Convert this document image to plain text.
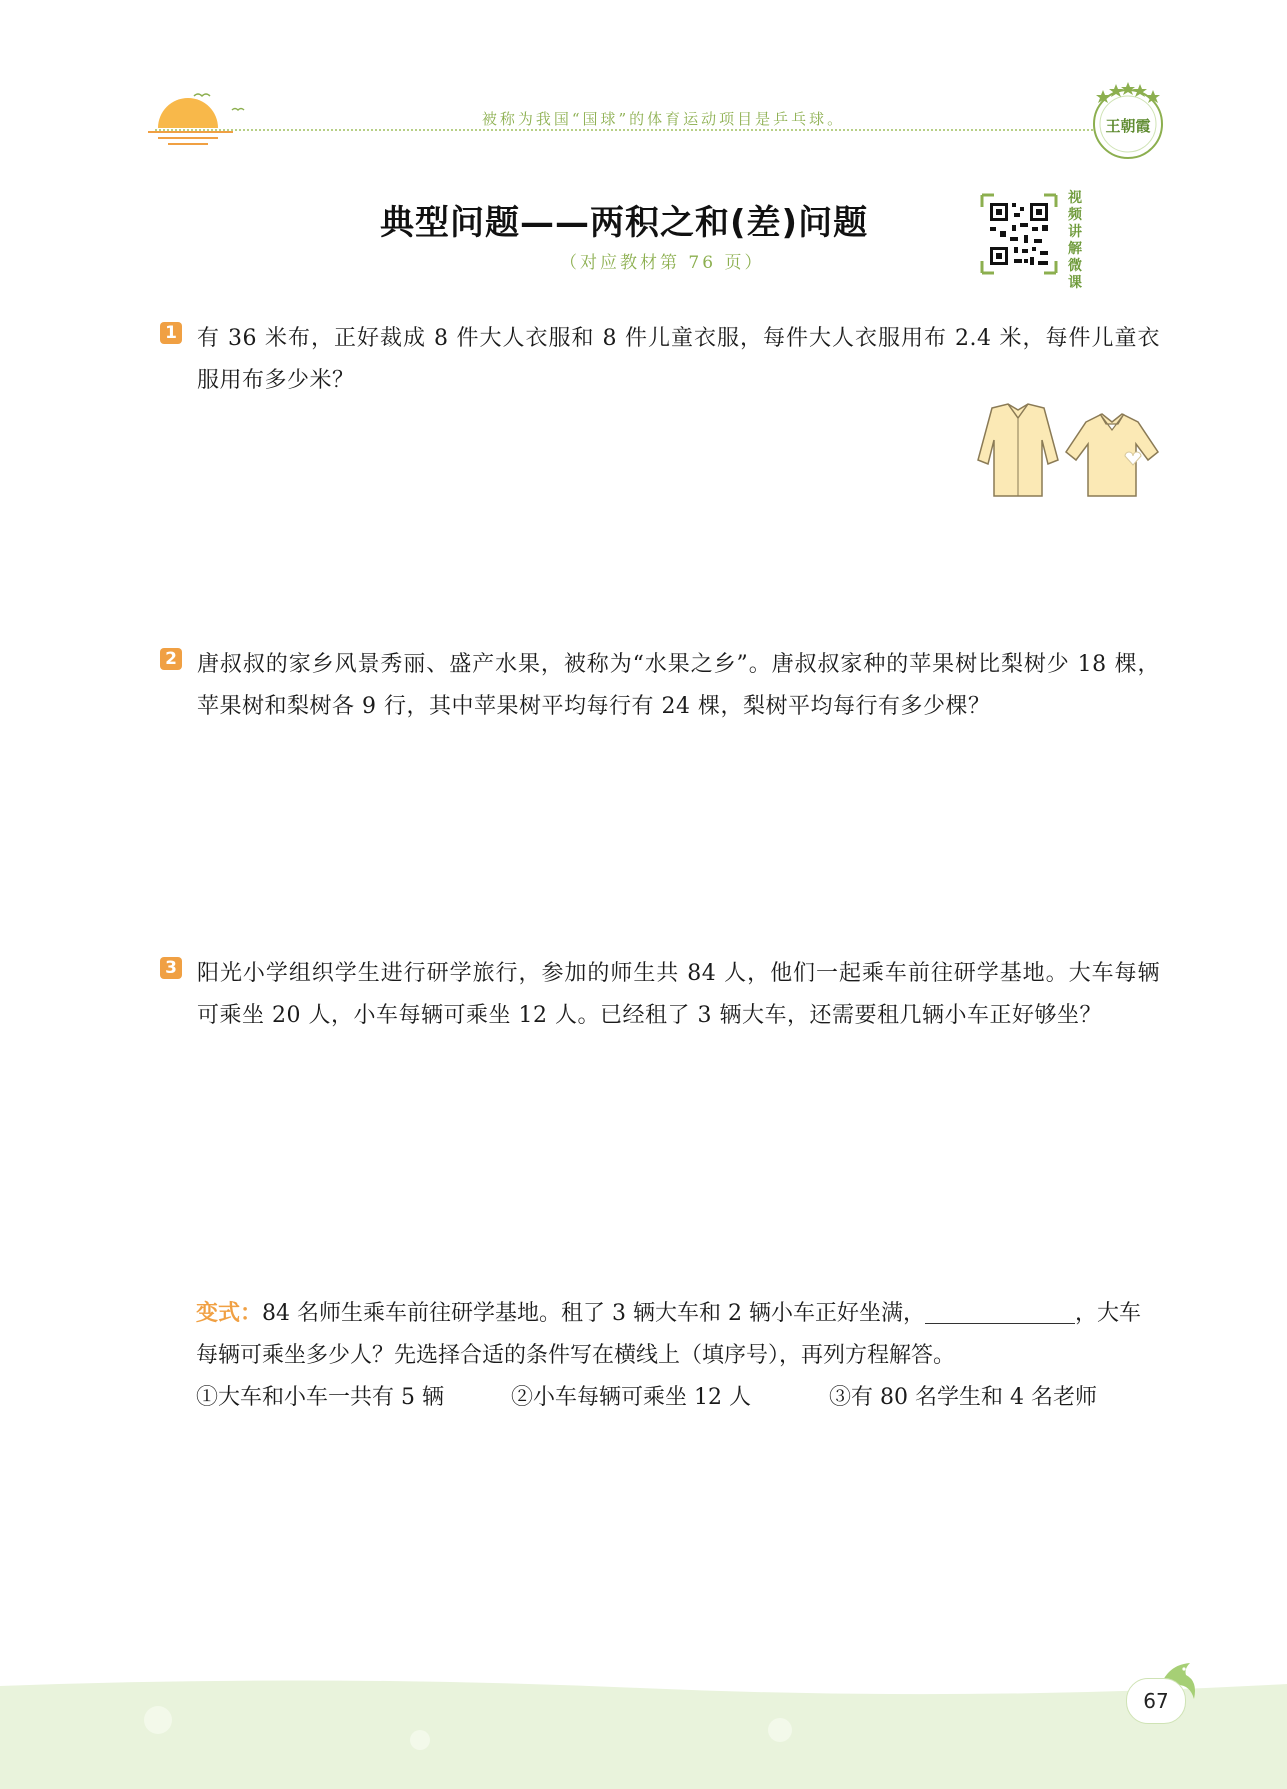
被称为我国“国球”的体育运动项目是乒乓球。	王朝霞
典型问题——两积之和(差)问题
（对应教材第 76 页）
视
频
讲
解
微
课
1 有 36 米布，正好裁成 8 件大人衣服和 8 件儿童衣服，每件大人衣服用布 2.4 米，每件儿童衣服用布多少米？
2 唐叔叔的家乡风景秀丽、盛产水果，被称为“水果之乡”。唐叔叔家种的苹果树比梨树少 18 棵，苹果树和梨树各 9 行，其中苹果树平均每行有 24 棵，梨树平均每行有多少棵？
3 阳光小学组织学生进行研学旅行，参加的师生共 84 人，他们一起乘车前往研学基地。大车每辆可乘坐 20 人，小车每辆可乘坐 12 人。已经租了 3 辆大车，还需要租几辆小车正好够坐？
变式：84 名师生乘车前往研学基地。租了 3 辆大车和 2 辆小车正好坐满，	，大车每辆可乘坐多少人？先选择合适的条件写在横线上（填序号），再列方程解答。
①大车和小车一共有 5 辆	②小车每辆可乘坐 12 人	③有 80 名学生和 4 名老师
67
